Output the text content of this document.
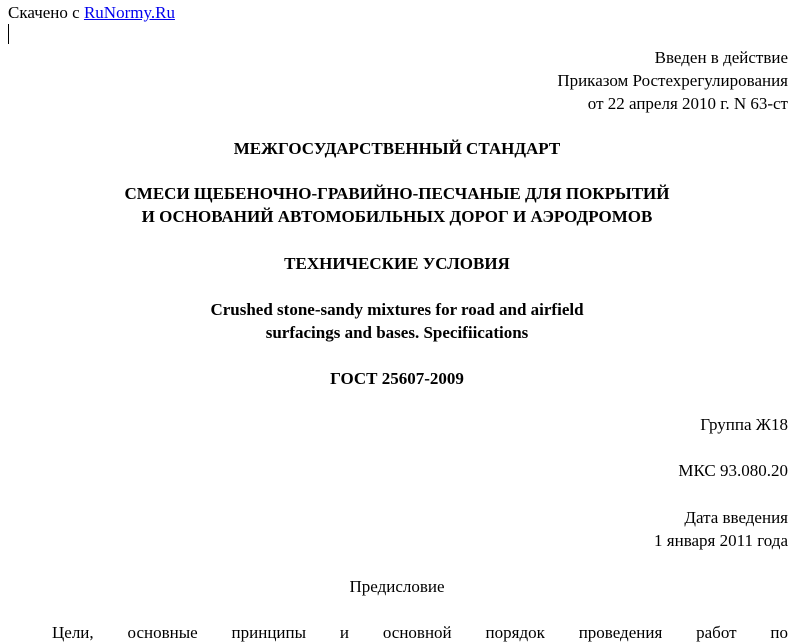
Скачено с RuNormy.Ru
Введен в действие
Приказом Ростехрегулирования
от 22 апреля 2010 г. N 63-ст
МЕЖГОСУДАРСТВЕННЫЙ СТАНДАРТ
СМЕСИ ЩЕБЕНОЧНО-ГРАВИЙНО-ПЕСЧАНЫЕ ДЛЯ ПОКРЫТИЙ
И ОСНОВАНИЙ АВТОМОБИЛЬНЫХ ДОРОГ И АЭРОДРОМОВ
ТЕХНИЧЕСКИЕ УСЛОВИЯ
Crushed stone-sandy mixtures for road and airfield
surfacings and bases. Specifiications
ГОСТ 25607-2009
Группа Ж18
МКС 93.080.20
Дата введения
1 января 2011 года
Предисловие
Цели, основные принципы и основной порядок проведения работ по
